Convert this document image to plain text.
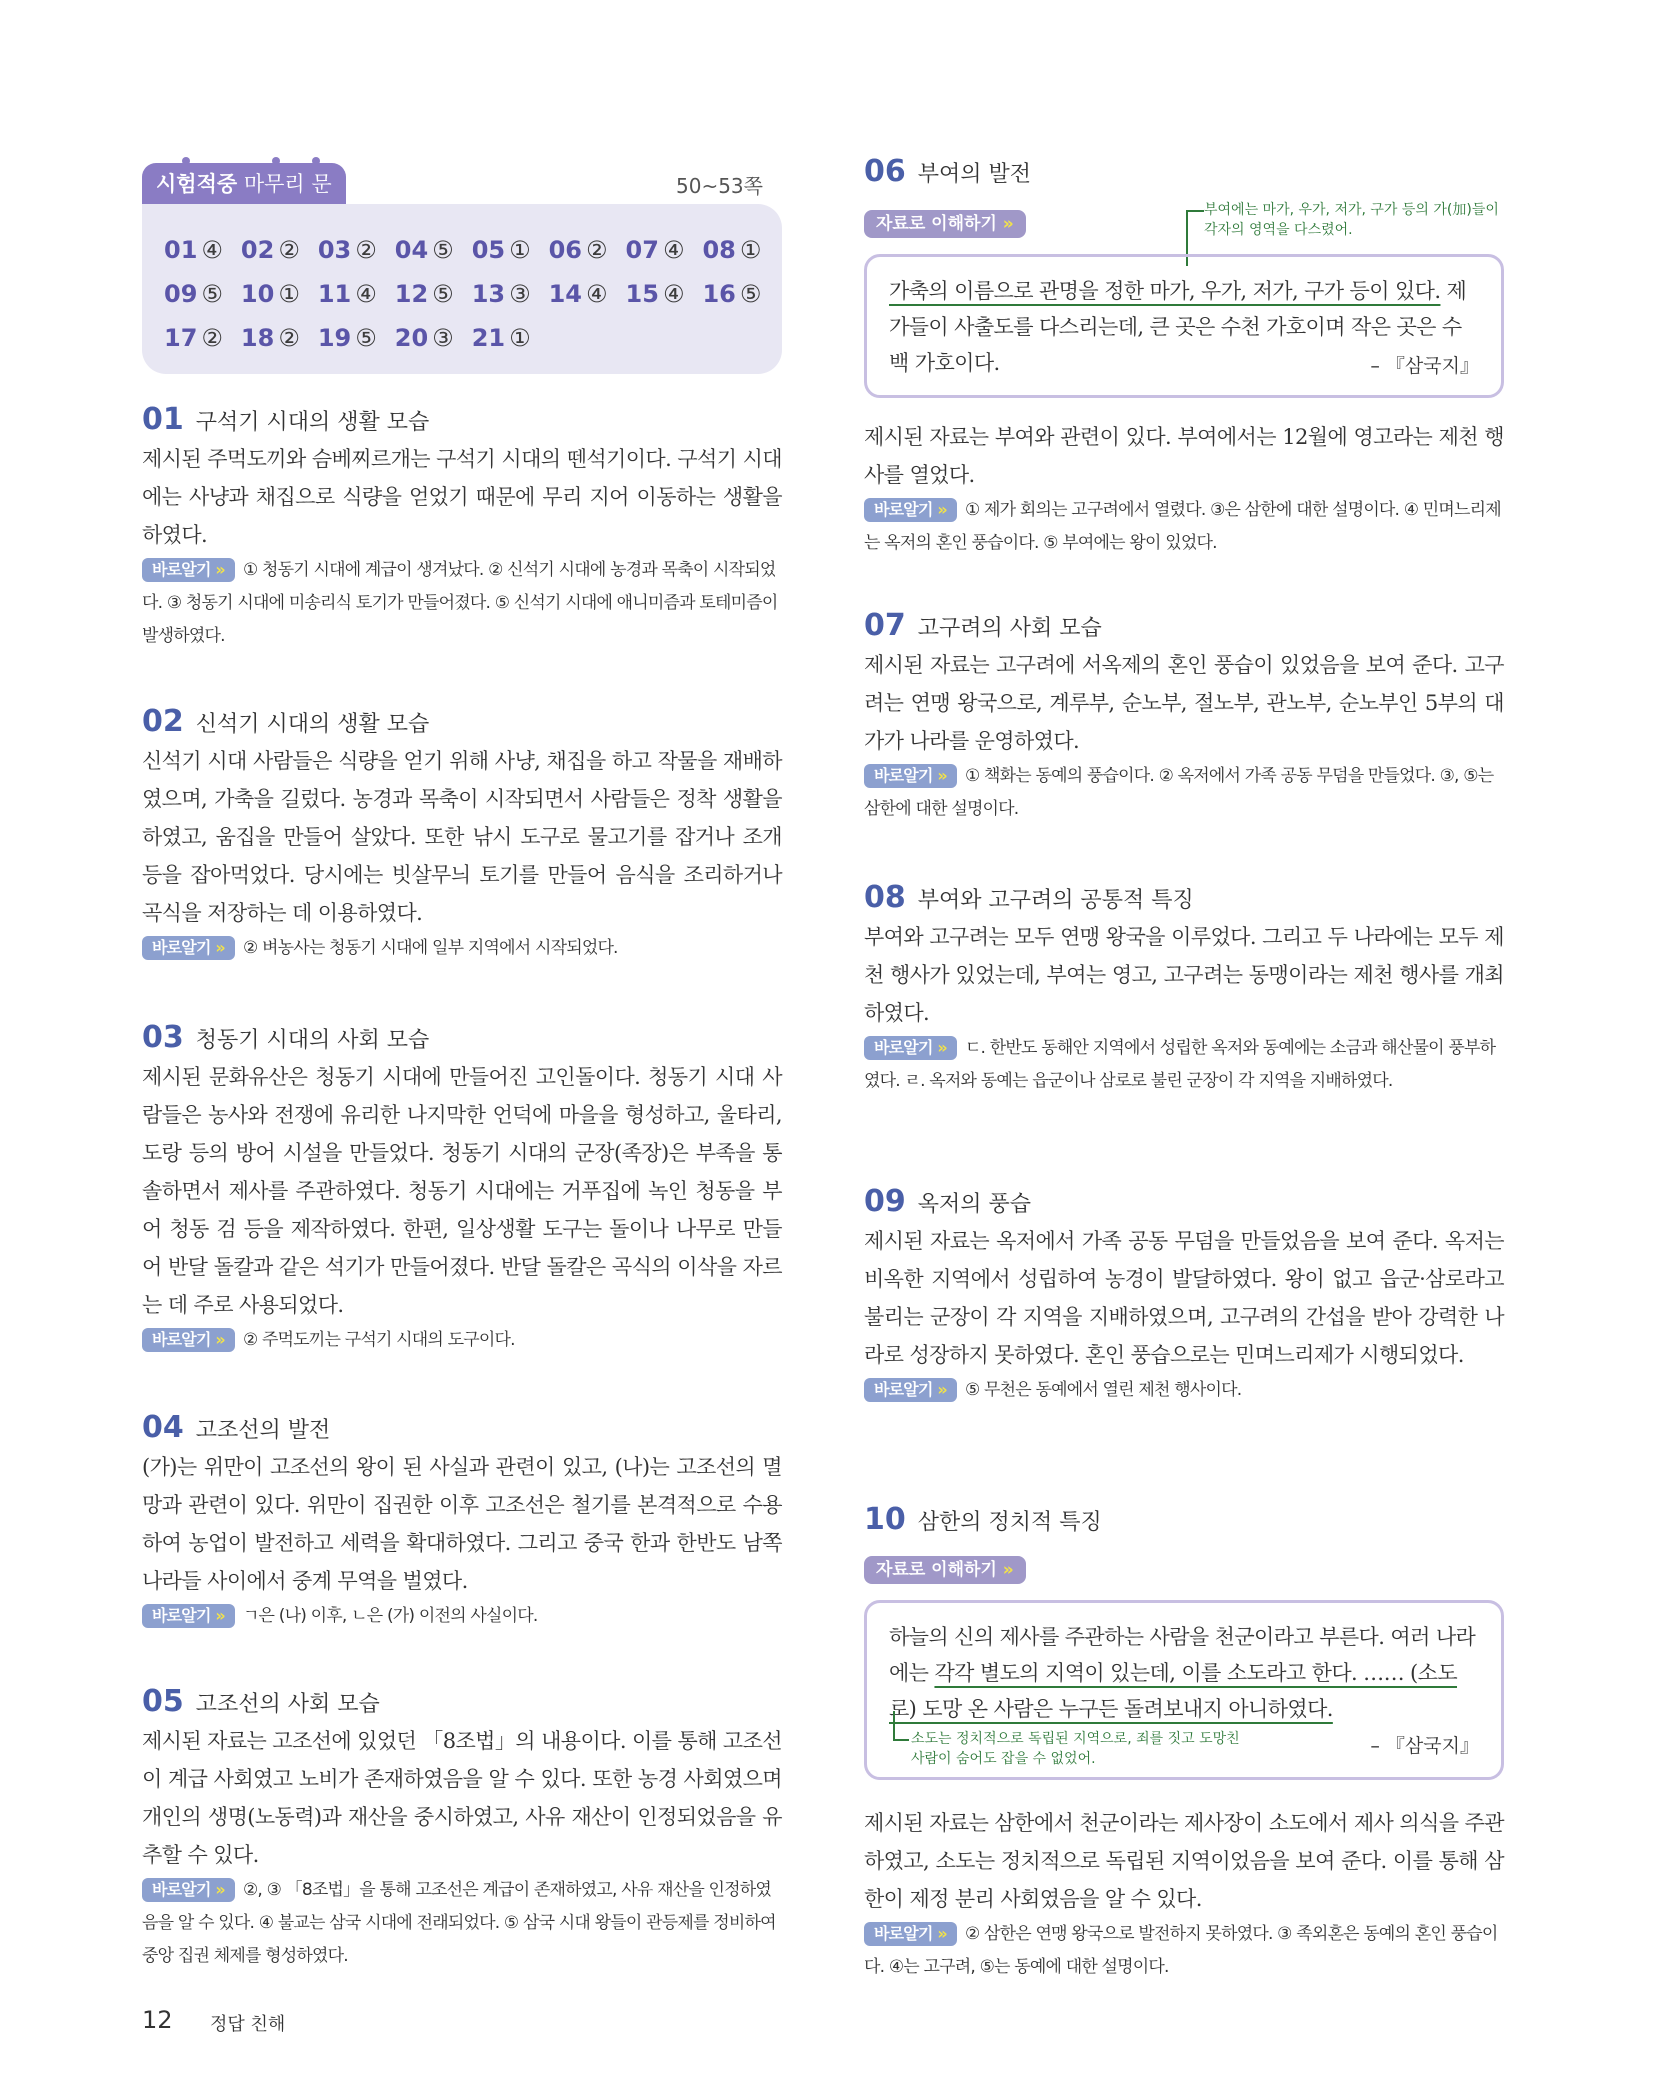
시험적중 마무리 문	50~53쪽
01 ④ 02 ② 03 ② 04 ⑤ 05 ① 06 ② 07 ④ 08 ①
09 ⑤ 10 ① 11 ④ 12 ⑤ 13 ③ 14 ④ 15 ④ 16 ⑤
17 ② 18 ② 19 ⑤ 20 ③ 21 ①
01 구석기 시대의 생활 모습
제시된 주먹도끼와 슴베찌르개는 구석기 시대의 뗀석기이다. 구석기 시대에는 사냥과 채집으로 식량을 얻었기 때문에 무리 지어 이동하는 생활을 하였다.
바로알기 » ① 청동기 시대에 계급이 생겨났다. ② 신석기 시대에 농경과 목축이 시작되었다. ③ 청동기 시대에 미송리식 토기가 만들어졌다. ⑤ 신석기 시대에 애니미즘과 토테미즘이 발생하였다.
02 신석기 시대의 생활 모습
신석기 시대 사람들은 식량을 얻기 위해 사냥, 채집을 하고 작물을 재배하였으며, 가축을 길렀다. 농경과 목축이 시작되면서 사람들은 정착 생활을 하였고, 움집을 만들어 살았다. 또한 낚시 도구로 물고기를 잡거나 조개 등을 잡아먹었다. 당시에는 빗살무늬 토기를 만들어 음식을 조리하거나 곡식을 저장하는 데 이용하였다.
바로알기 » ② 벼농사는 청동기 시대에 일부 지역에서 시작되었다.
03 청동기 시대의 사회 모습
제시된 문화유산은 청동기 시대에 만들어진 고인돌이다. 청동기 시대 사람들은 농사와 전쟁에 유리한 나지막한 언덕에 마을을 형성하고, 울타리, 도랑 등의 방어 시설을 만들었다. 청동기 시대의 군장(족장)은 부족을 통솔하면서 제사를 주관하였다. 청동기 시대에는 거푸집에 녹인 청동을 부어 청동 검 등을 제작하였다. 한편, 일상생활 도구는 돌이나 나무로 만들어 반달 돌칼과 같은 석기가 만들어졌다. 반달 돌칼은 곡식의 이삭을 자르는 데 주로 사용되었다.
바로알기 » ② 주먹도끼는 구석기 시대의 도구이다.
04 고조선의 발전
(가)는 위만이 고조선의 왕이 된 사실과 관련이 있고, (나)는 고조선의 멸망과 관련이 있다. 위만이 집권한 이후 고조선은 철기를 본격적으로 수용하여 농업이 발전하고 세력을 확대하였다. 그리고 중국 한과 한반도 남쪽 나라들 사이에서 중계 무역을 벌였다.
바로알기 » ㄱ은 (나) 이후, ㄴ은 (가) 이전의 사실이다.
05 고조선의 사회 모습
제시된 자료는 고조선에 있었던 「8조법」의 내용이다. 이를 통해 고조선이 계급 사회였고 노비가 존재하였음을 알 수 있다. 또한 농경 사회였으며 개인의 생명(노동력)과 재산을 중시하였고, 사유 재산이 인정되었음을 유추할 수 있다.
바로알기 » ②, ③ 「8조법」을 통해 고조선은 계급이 존재하였고, 사유 재산을 인정하였음을 알 수 있다. ④ 불교는 삼국 시대에 전래되었다. ⑤ 삼국 시대 왕들이 관등제를 정비하여 중앙 집권 체제를 형성하였다.
06 부여의 발전
자료로 이해하기 »
부여에는 마가, 우가, 저가, 구가 등의 가(加)들이 각자의 영역을 다스렸어.
가축의 이름으로 관명을 정한 마가, 우가, 저가, 구가 등이 있다. 제가들이 사출도를 다스리는데, 큰 곳은 수천 가호이며 작은 곳은 수백 가호이다.	– 『삼국지』
제시된 자료는 부여와 관련이 있다. 부여에서는 12월에 영고라는 제천 행사를 열었다.
바로알기 » ① 제가 회의는 고구려에서 열렸다. ③은 삼한에 대한 설명이다. ④ 민며느리제는 옥저의 혼인 풍습이다. ⑤ 부여에는 왕이 있었다.
07 고구려의 사회 모습
제시된 자료는 고구려에 서옥제의 혼인 풍습이 있었음을 보여 준다. 고구려는 연맹 왕국으로, 계루부, 순노부, 절노부, 관노부, 순노부인 5부의 대가가 나라를 운영하였다.
바로알기 » ① 책화는 동예의 풍습이다. ② 옥저에서 가족 공동 무덤을 만들었다. ③, ⑤는 삼한에 대한 설명이다.
08 부여와 고구려의 공통적 특징
부여와 고구려는 모두 연맹 왕국을 이루었다. 그리고 두 나라에는 모두 제천 행사가 있었는데, 부여는 영고, 고구려는 동맹이라는 제천 행사를 개최하였다.
바로알기 » ㄷ. 한반도 동해안 지역에서 성립한 옥저와 동예에는 소금과 해산물이 풍부하였다. ㄹ. 옥저와 동예는 읍군이나 삼로로 불린 군장이 각 지역을 지배하였다.
09 옥저의 풍습
제시된 자료는 옥저에서 가족 공동 무덤을 만들었음을 보여 준다. 옥저는 비옥한 지역에서 성립하여 농경이 발달하였다. 왕이 없고 읍군·삼로라고 불리는 군장이 각 지역을 지배하였으며, 고구려의 간섭을 받아 강력한 나라로 성장하지 못하였다. 혼인 풍습으로는 민며느리제가 시행되었다.
바로알기 » ⑤ 무천은 동예에서 열린 제천 행사이다.
10 삼한의 정치적 특징
자료로 이해하기 »
하늘의 신의 제사를 주관하는 사람을 천군이라고 부른다. 여러 나라에는 각각 별도의 지역이 있는데, 이를 소도라고 한다. …… (소도로) 도망 온 사람은 누구든 돌려보내지 아니하였다.
– 『삼국지』
소도는 정치적으로 독립된 지역으로, 죄를 짓고 도망친 사람이 숨어도 잡을 수 없었어.
제시된 자료는 삼한에서 천군이라는 제사장이 소도에서 제사 의식을 주관하였고, 소도는 정치적으로 독립된 지역이었음을 보여 준다. 이를 통해 삼한이 제정 분리 사회였음을 알 수 있다.
바로알기 » ② 삼한은 연맹 왕국으로 발전하지 못하였다. ③ 족외혼은 동예의 혼인 풍습이다. ④는 고구려, ⑤는 동예에 대한 설명이다.
12 정답 친해
